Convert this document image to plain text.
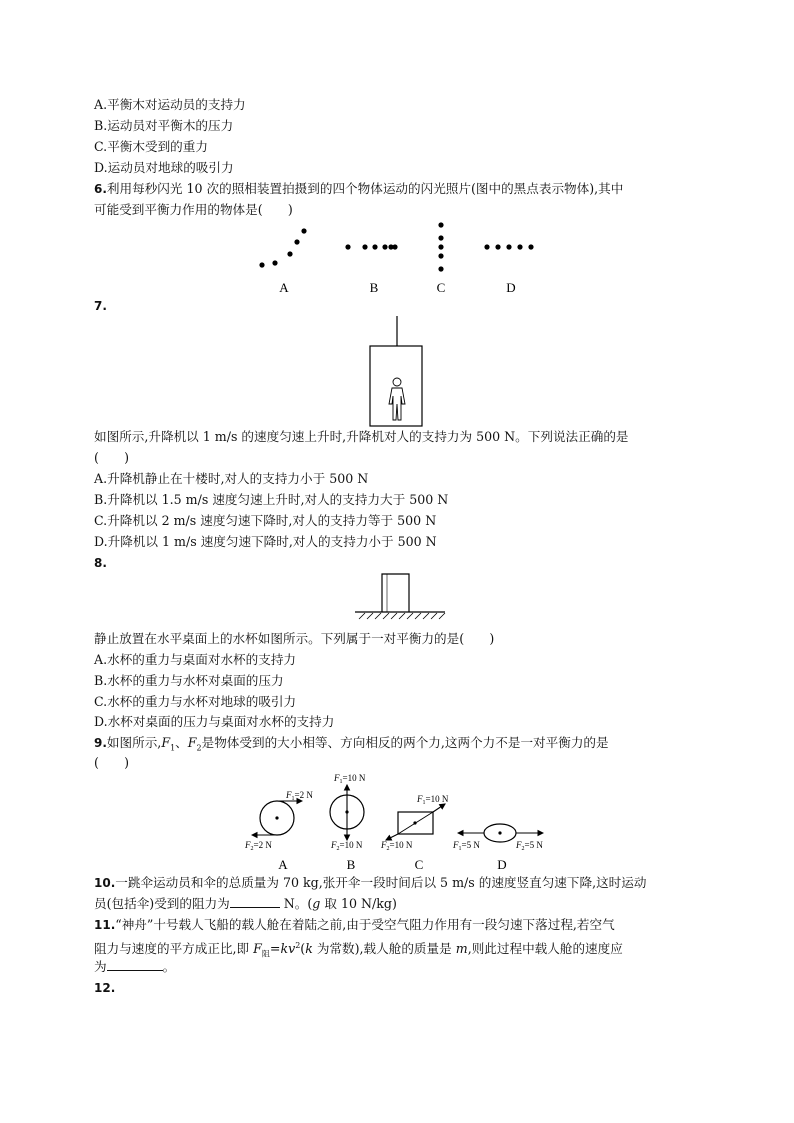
A.平衡木对运动员的支持力
B.运动员对平衡木的压力
C.平衡木受到的重力
D.运动员对地球的吸引力
6.利用每秒闪光 10 次的照相装置拍摄到的四个物体运动的闪光照片(图中的黑点表示物体),其中
可能受到平衡力作用的物体是(　　)
A	B	C	D
7.
如图所示,升降机以 1 m/s 的速度匀速上升时,升降机对人的支持力为 500 N。下列说法正确的是
(　　)
A.升降机静止在十楼时,对人的支持力小于 500 N
B.升降机以 1.5 m/s 速度匀速上升时,对人的支持力大于 500 N
C.升降机以 2 m/s 速度匀速下降时,对人的支持力等于 500 N
D.升降机以 1 m/s 速度匀速下降时,对人的支持力小于 500 N
8.
静止放置在水平桌面上的水杯如图所示。下列属于一对平衡力的是(　　)
A.水杯的重力与桌面对水杯的支持力
B.水杯的重力与水杯对桌面的压力
C.水杯的重力与水杯对地球的吸引力
D.水杯对桌面的压力与桌面对水杯的支持力
9.如图所示$,F_1$、$F_2$是物体受到的大小相等、方向相反的两个力,这两个力不是一对平衡力的是
(　　)
$F_1=2$ N
$F_2=2$ N
$F_1=10$ N
$F_2=10$ N
$F_1=10$ N
$F_2=10$ N	$F_1=5$ N	$F_2=5$ N
A	B	C	D
10.一跳伞运动员和伞的总质量为 70 kg,张开伞一段时间后以 5 m/s 的速度竖直匀速下降,这时运动
员(包括伞)受到的阻力为	N。(g 取 10 N/kg)
11.“神舟”十号载人飞船的载人舱在着陆之前,由于受空气阻力作用有一段匀速下落过程,若空气
阻力与速度的平方成正比,即 $F_阻=kv^2(k$ 为常数),载人舱的质量是 m,则此过程中载人舱的速度应
为	。
12.
